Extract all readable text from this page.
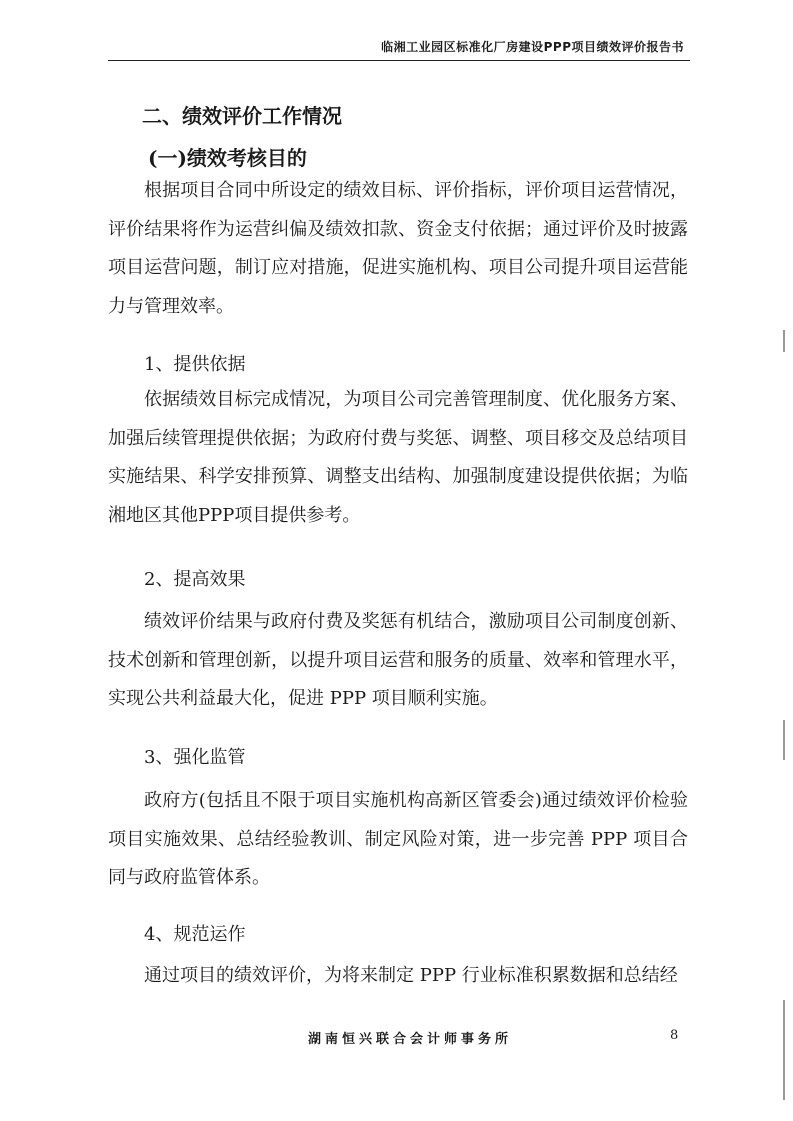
临湘工业园区标准化厂房建设PPP项目绩效评价报告书
二、绩效评价工作情况
(一)绩效考核目的

根据项目合同中所设定的绩效目标、评价指标，评价项目运营情况，评价结果将作为运营纠偏及绩效扣款、资金支付依据；通过评价及时披露项目运营问题，制订应对措施，促进实施机构、项目公司提升项目运营能力与管理效率。

1、提供依据

依据绩效目标完成情况，为项目公司完善管理制度、优化服务方案、加强后续管理提供依据；为政府付费与奖惩、调整、项目移交及总结项目实施结果、科学安排预算、调整支出结构、加强制度建设提供依据；为临湘地区其他PPP项目提供参考。

2、提高效果

绩效评价结果与政府付费及奖惩有机结合，激励项目公司制度创新、技术创新和管理创新，以提升项目运营和服务的质量、效率和管理水平，实现公共利益最大化，促进 PPP 项目顺利实施。

3、强化监管

政府方(包括且不限于项目实施机构高新区管委会)通过绩效评价检验项目实施效果、总结经验教训、制定风险对策，进一步完善 PPP 项目合同与政府监管体系。

4、规范运作

通过项目的绩效评价，为将来制定 PPP 行业标准积累数据和总结经

湖南恒兴联合会计师事务所	8
